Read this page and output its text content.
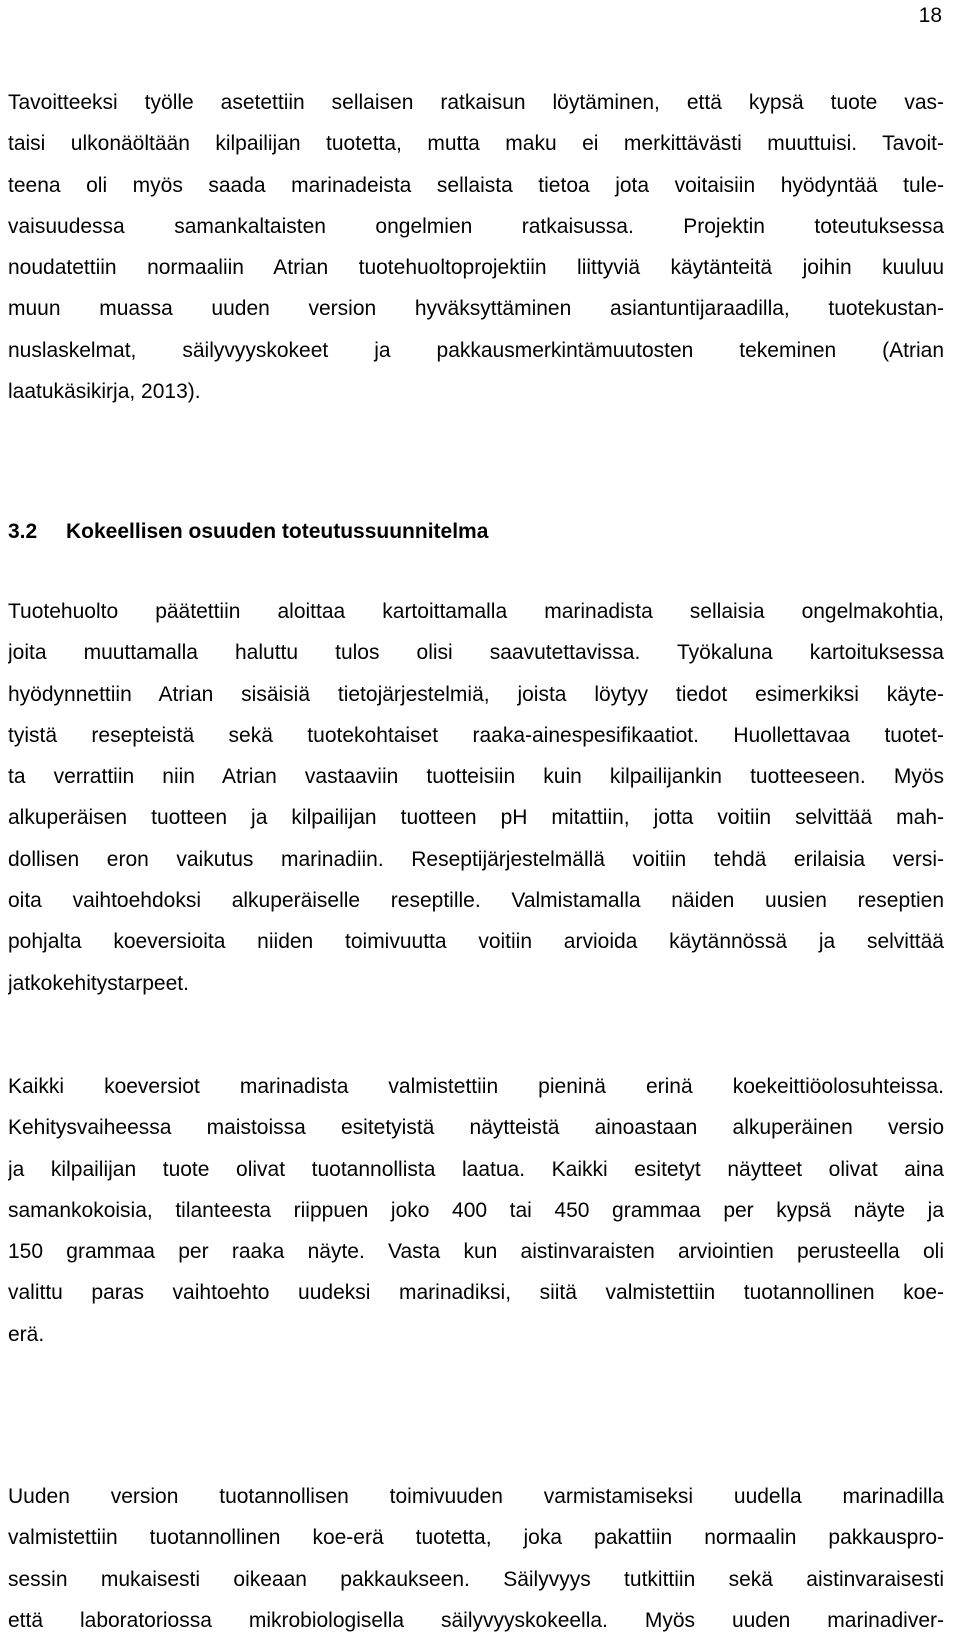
18

Tavoitteeksi työlle asetettiin sellaisen ratkaisun löytäminen, että kypsä tuote vas-
taisi ulkonäöltään kilpailijan tuotetta, mutta maku ei merkittävästi muuttuisi. Tavoit-
teena oli myös saada marinadeista sellaista tietoa jota voitaisiin hyödyntää tule-
vaisuudessa samankaltaisten ongelmien ratkaisussa. Projektin toteutuksessa
noudatettiin normaaliin Atrian tuotehuoltoprojektiin liittyviä käytänteitä joihin kuuluu
muun muassa uuden version hyväksyttäminen asiantuntijaraadilla, tuotekustan-
nuslaskelmat, säilyvyyskokeet ja pakkausmerkintämuutosten tekeminen (Atrian
laatukäsikirja, 2013).

3.2 Kokeellisen osuuden toteutussuunnitelma

Tuotehuolto päätettiin aloittaa kartoittamalla marinadista sellaisia ongelmakohtia,
joita muuttamalla haluttu tulos olisi saavutettavissa. Työkaluna kartoituksessa
hyödynnettiin Atrian sisäisiä tietojärjestelmiä, joista löytyy tiedot esimerkiksi käyte-
tyistä resepteistä sekä tuotekohtaiset raaka-ainespesifikaatiot. Huollettavaa tuotet-
ta verrattiin niin Atrian vastaaviin tuotteisiin kuin kilpailijankin tuotteeseen. Myös
alkuperäisen tuotteen ja kilpailijan tuotteen pH mitattiin, jotta voitiin selvittää mah-
dollisen eron vaikutus marinadiin. Reseptijärjestelmällä voitiin tehdä erilaisia versi-
oita vaihtoehdoksi alkuperäiselle reseptille. Valmistamalla näiden uusien reseptien
pohjalta koeversioita niiden toimivuutta voitiin arvioida käytännössä ja selvittää
jatkokehitystarpeet.

Kaikki koeversiot marinadista valmistettiin pieninä erinä koekeittiöolosuhteissa.
Kehitysvaiheessa maistoissa esitetyistä näytteistä ainoastaan alkuperäinen versio
ja kilpailijan tuote olivat tuotannollista laatua. Kaikki esitetyt näytteet olivat aina
samankokoisia, tilanteesta riippuen joko 400 tai 450 grammaa per kypsä näyte ja
150 grammaa per raaka näyte. Vasta kun aistinvaraisten arviointien perusteella oli
valittu paras vaihtoehto uudeksi marinadiksi, siitä valmistettiin tuotannollinen koe-
erä.

Uuden version tuotannollisen toimivuuden varmistamiseksi uudella marinadilla
valmistettiin tuotannollinen koe-erä tuotetta, joka pakattiin normaalin pakkauspro-
sessin mukaisesti oikeaan pakkaukseen. Säilyvyys tutkittiin sekä aistinvaraisesti
että laboratoriossa mikrobiologisella säilyvyyskokeella. Myös uuden marinadiver-
